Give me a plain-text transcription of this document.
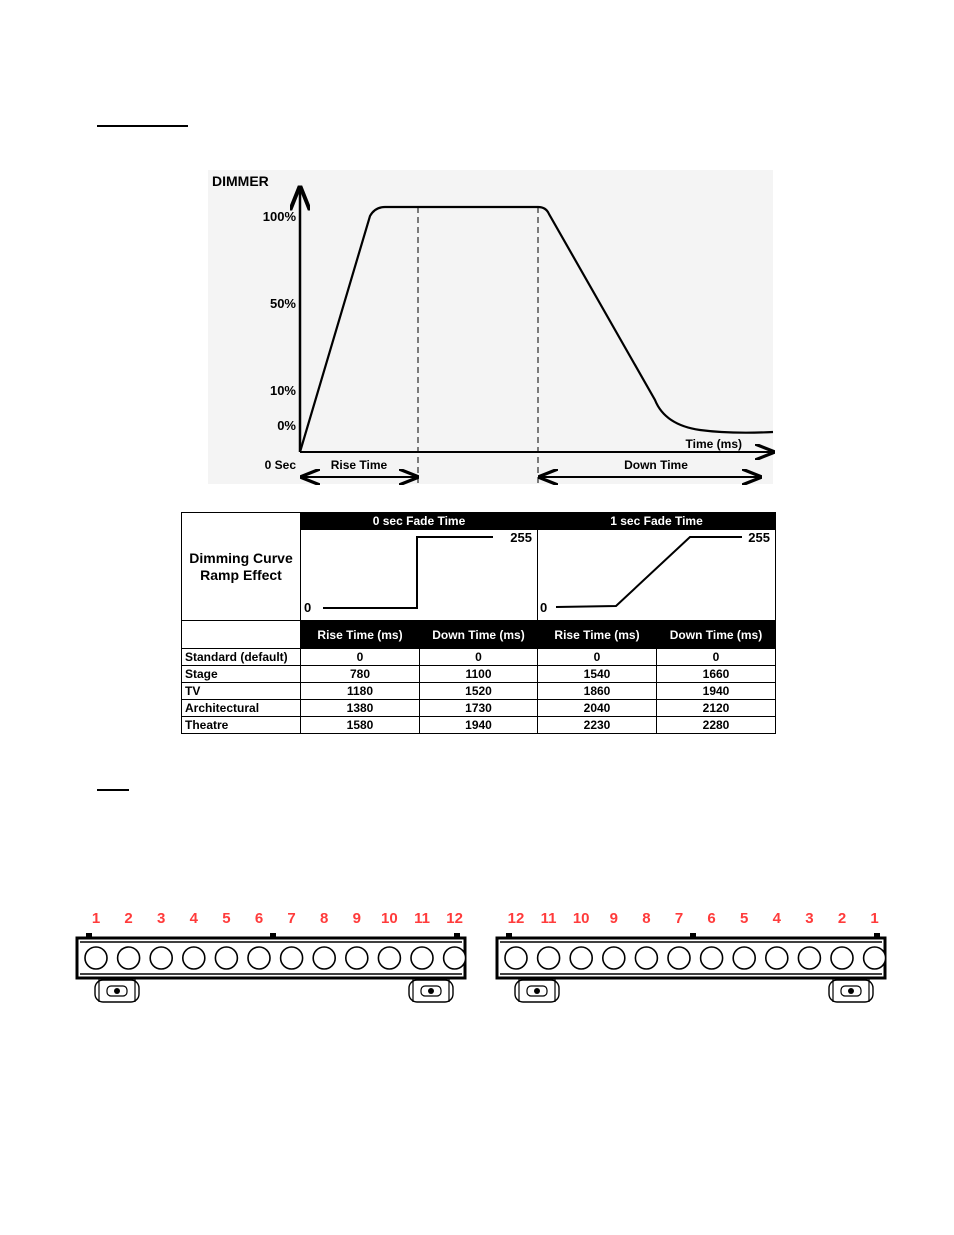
DIMMER
100%
50%
10%
0%
0 Sec
Time (ms)
Rise Time	Down Time
Dimming Curve
Ramp Effect	0 sec Fade Time		1 sec Fade Time	

0
255		0
255	

	Rise Time (ms)	Down Time (ms)	Rise Time (ms)	Down Time (ms)
Standard (default)	0	0	0	0
Stage	780	1100	1540	1660
TV	1180	1520	1860	1940
Architectural	1380	1730	2040	2120
Theatre	1580	1940	2230	2280
1 2 3 4 5 6 7 8 9 10 11 12	12 11 10 9 8 7 6 5 4 3 2 1
